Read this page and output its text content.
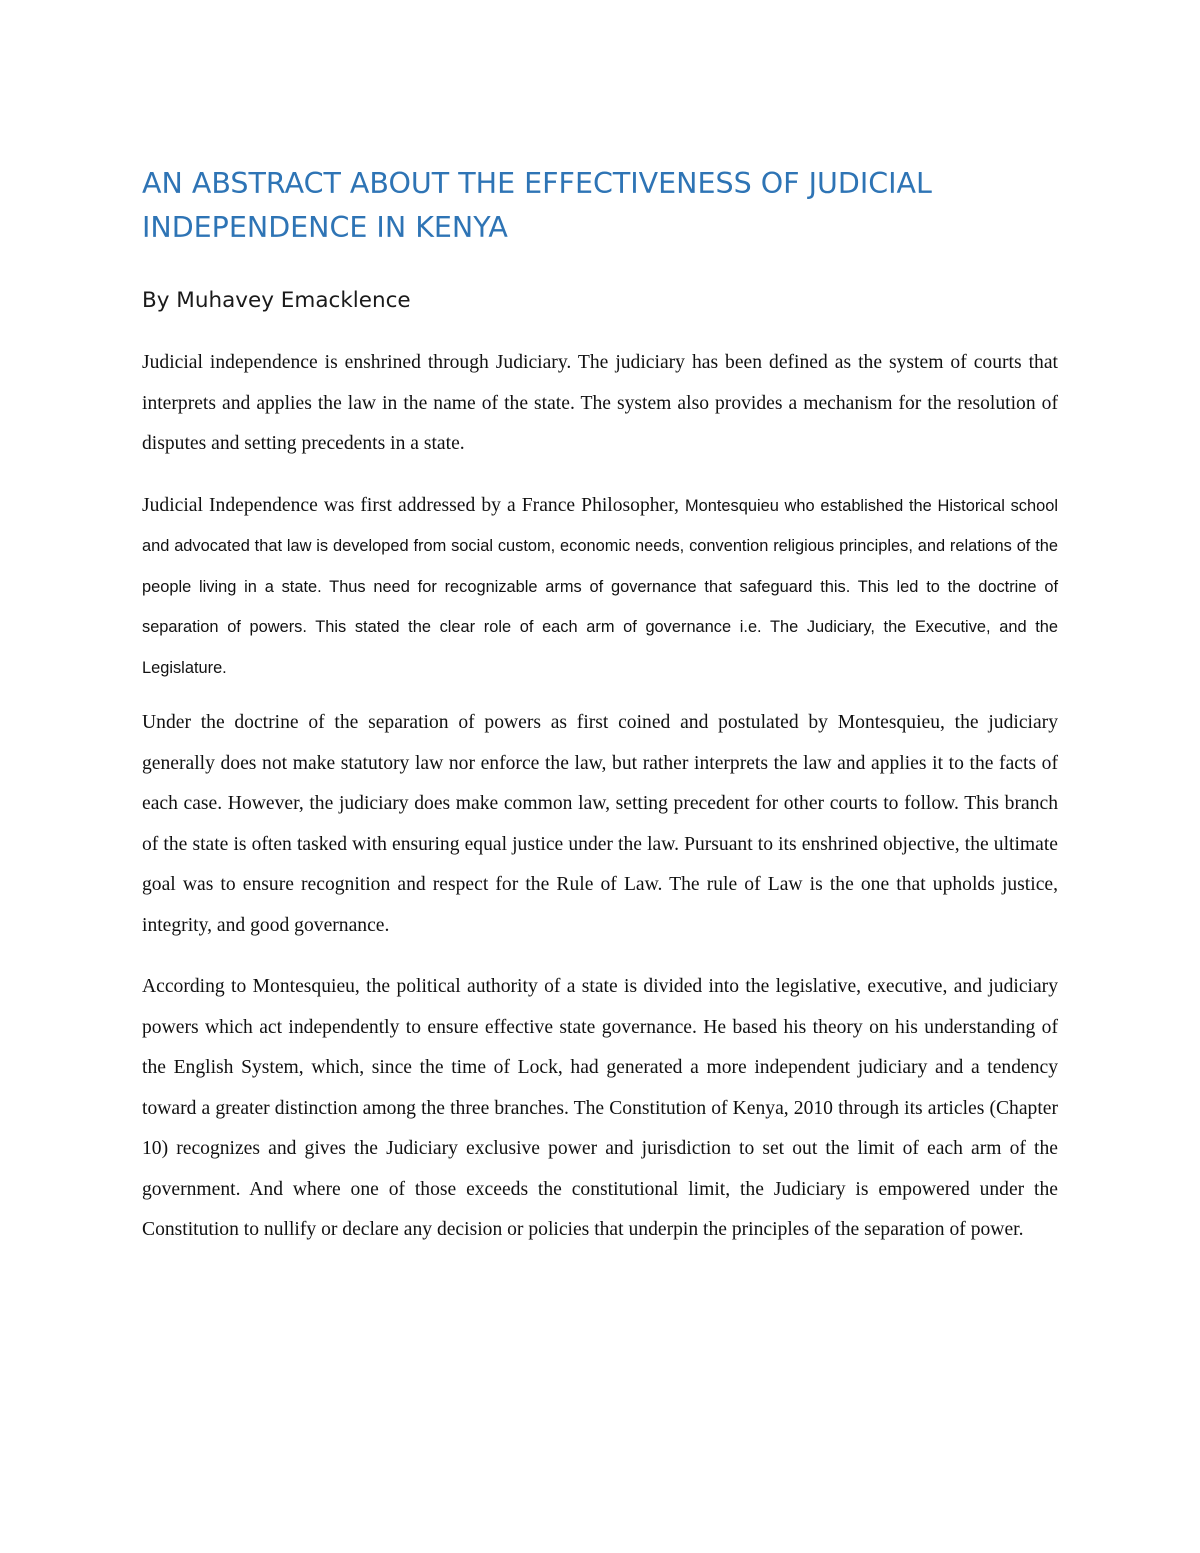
AN ABSTRACT ABOUT THE EFFECTIVENESS OF JUDICIAL
INDEPENDENCE IN KENYA

By Muhavey Emacklence

Judicial independence is enshrined through Judiciary. The judiciary has been defined as the system of courts that interprets and applies the law in the name of the state. The system also provides a mechanism for the resolution of disputes and setting precedents in a state.

Judicial Independence was first addressed by a France Philosopher, Montesquieu who established the Historical school and advocated that law is developed from social custom, economic needs, convention religious principles, and relations of the people living in a state. Thus need for recognizable arms of governance that safeguard this. This led to the doctrine of separation of powers. This stated the clear role of each arm of governance i.e. The Judiciary, the Executive, and the Legislature.

Under the doctrine of the separation of powers as first coined and postulated by Montesquieu, the judiciary generally does not make statutory law nor enforce the law, but rather interprets the law and applies it to the facts of each case. However, the judiciary does make common law, setting precedent for other courts to follow. This branch of the state is often tasked with ensuring equal justice under the law. Pursuant to its enshrined objective, the ultimate goal was to ensure recognition and respect for the Rule of Law. The rule of Law is the one that upholds justice, integrity, and good governance.

According to Montesquieu, the political authority of a state is divided into the legislative, executive, and judiciary powers which act independently to ensure effective state governance. He based his theory on his understanding of the English System, which, since the time of Lock, had generated a more independent judiciary and a tendency toward a greater distinction among the three branches. The Constitution of Kenya, 2010 through its articles (Chapter 10) recognizes and gives the Judiciary exclusive power and jurisdiction to set out the limit of each arm of the government. And where one of those exceeds the constitutional limit, the Judiciary is empowered under the Constitution to nullify or declare any decision or policies that underpin the principles of the separation of power.
